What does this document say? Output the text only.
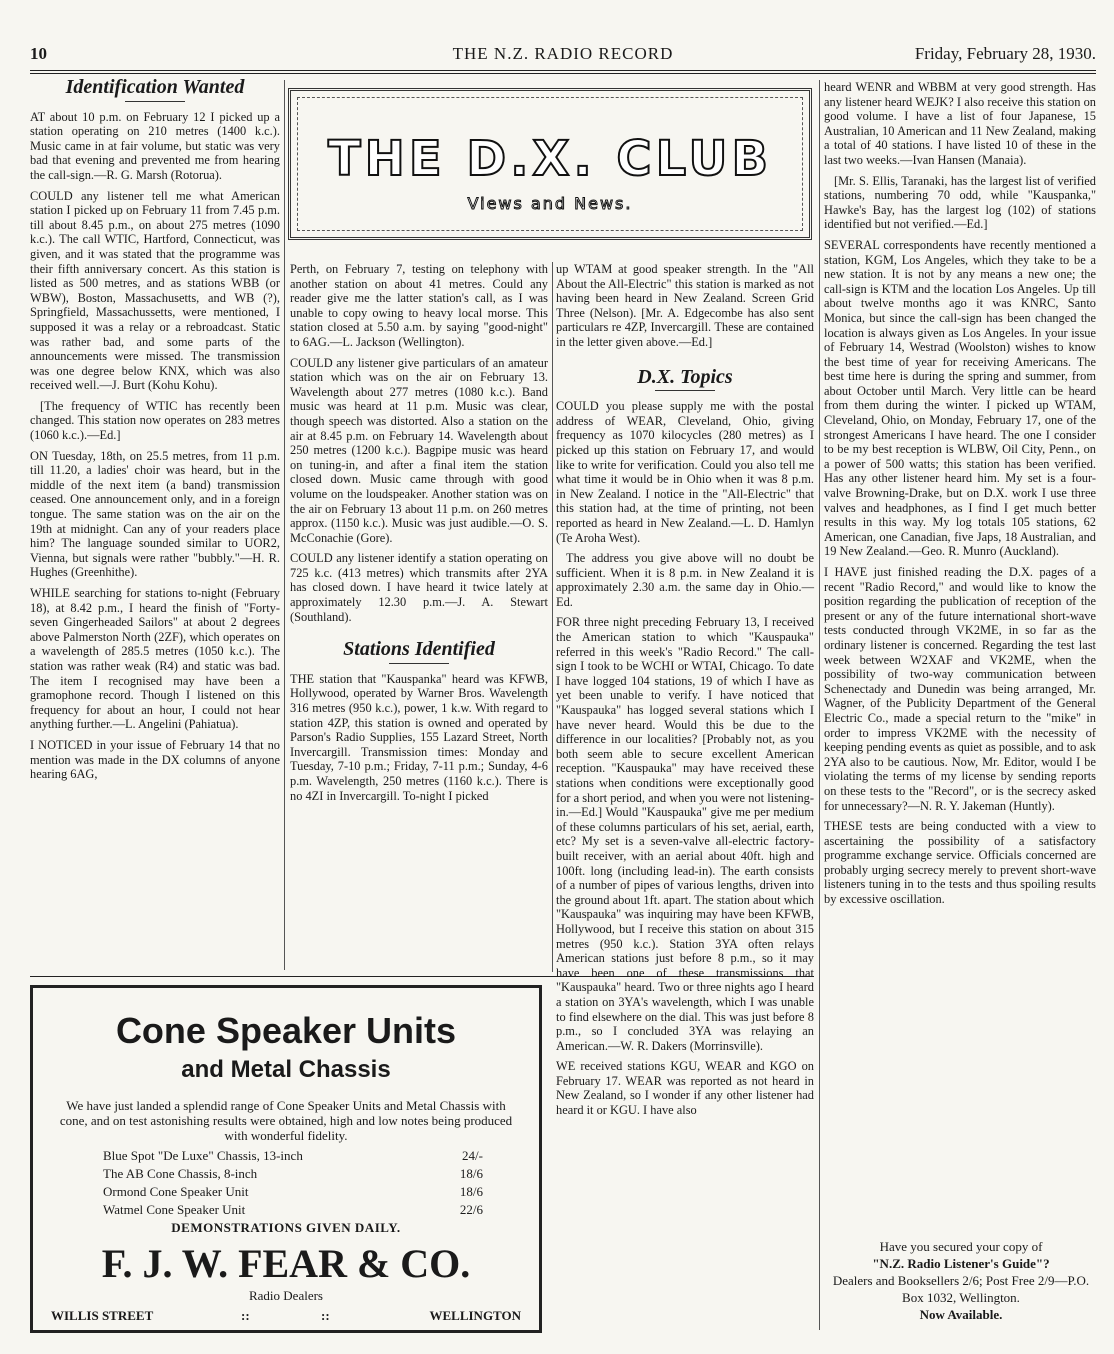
10	THE N.Z. RADIO RECORD	Friday, February 28, 1930.
Identification Wanted

AT about 10 p.m. on February 12 I picked up a station operating on 210 metres (1400 k.c.). Music came in at fair volume, but static was very bad that evening and prevented me from hearing the call-sign.—R. G. Marsh (Rotorua).

COULD any listener tell me what American station I picked up on February 11 from 7.45 p.m. till about 8.45 p.m., on about 275 metres (1090 k.c.). The call WTIC, Hartford, Connecticut, was given, and it was stated that the programme was their fifth anniversary concert. As this station is listed as 500 metres, and as stations WBB (or WBW), Boston, Massachusetts, and WB (?), Springfield, Massachussetts, were mentioned, I supposed it was a relay or a rebroadcast. Static was rather bad, and some parts of the announcements were missed. The transmission was one degree below KNX, which was also received well.—J. Burt (Kohu Kohu).

[The frequency of WTIC has recently been changed. This station now operates on 283 metres (1060 k.c.).—Ed.]

ON Tuesday, 18th, on 25.5 metres, from 11 p.m. till 11.20, a ladies' choir was heard, but in the middle of the next item (a band) transmission ceased. One announcement only, and in a foreign tongue. The same station was on the air on the 19th at midnight. Can any of your readers place him? The language sounded similar to UOR2, Vienna, but signals were rather "bubbly."—H. R. Hughes (Greenhithe).

WHILE searching for stations to-night (February 18), at 8.42 p.m., I heard the finish of "Forty-seven Gingerheaded Sailors" at about 2 degrees above Palmerston North (2ZF), which operates on a wavelength of 285.5 metres (1050 k.c.). The station was rather weak (R4) and static was bad. The item I recognised may have been a gramophone record. Though I listened on this frequency for about an hour, I could not hear anything further.—L. Angelini (Pahiatua).

I NOTICED in your issue of February 14 that no mention was made in the DX columns of anyone hearing 6AG,

THE D.X. CLUB
Views and News.

Perth, on February 7, testing on telephony with another station on about 41 metres. Could any reader give me the latter station's call, as I was unable to copy owing to heavy local morse. This station closed at 5.50 a.m. by saying "good-night" to 6AG.—L. Jackson (Wellington).

COULD any listener give particulars of an amateur station which was on the air on February 13. Wavelength about 277 metres (1080 k.c.). Band music was heard at 11 p.m. Music was clear, though speech was distorted. Also a station on the air at 8.45 p.m. on February 14. Wavelength about 250 metres (1200 k.c.). Bagpipe music was heard on tuning-in, and after a final item the station closed down. Music came through with good volume on the loudspeaker. Another station was on the air on February 13 about 11 p.m. on 260 metres approx. (1150 k.c.). Music was just audible.—O. S. McConachie (Gore).

COULD any listener identify a station operating on 725 k.c. (413 metres) which transmits after 2YA has closed down. I have heard it twice lately at approximately 12.30 p.m.—J. A. Stewart (Southland).

Stations Identified

THE station that "Kauspanka" heard was KFWB, Hollywood, operated by Warner Bros. Wavelength 316 metres (950 k.c.), power, 1 k.w. With regard to station 4ZP, this station is owned and operated by Parson's Radio Supplies, 155 Lazard Street, North Invercargill. Transmission times: Monday and Tuesday, 7-10 p.m.; Friday, 7-11 p.m.; Sunday, 4-6 p.m. Wavelength, 250 metres (1160 k.c.). There is no 4ZI in Invercargill. To-night I picked

up WTAM at good speaker strength. In the "All About the All-Electric" this station is marked as not having been heard in New Zealand. Screen Grid Three (Nelson). [Mr. A. Edgecombe has also sent particulars re 4ZP, Invercargill. These are contained in the letter given above.—Ed.]

D.X. Topics

COULD you please supply me with the postal address of WEAR, Cleveland, Ohio, giving frequency as 1070 kilocycles (280 metres) as I picked up this station on February 17, and would like to write for verification. Could you also tell me what time it would be in Ohio when it was 8 p.m. in New Zealand. I notice in the "All-Electric" that this station had, at the time of printing, not been reported as heard in New Zealand.—L. D. Hamlyn (Te Aroha West).

The address you give above will no doubt be sufficient. When it is 8 p.m. in New Zealand it is approximately 2.30 a.m. the same day in Ohio.—Ed.

FOR three night preceding February 13, I received the American station to which "Kauspauka" referred in this week's "Radio Record." The call-sign I took to be WCHI or WTAI, Chicago. To date I have logged 104 stations, 19 of which I have as yet been unable to verify. I have noticed that "Kauspauka" has logged several stations which I have never heard. Would this be due to the difference in our localities? [Probably not, as you both seem able to secure excellent American reception. "Kauspauka" may have received these stations when conditions were exceptionally good for a short period, and when you were not listening-in.—Ed.] Would "Kauspauka" give me per medium of these columns particulars of his set, aerial, earth, etc? My set is a seven-valve all-electric factory-built receiver, with an aerial about 40ft. high and 100ft. long (including lead-in). The earth consists of a number of pipes of various lengths, driven into the ground about 1ft. apart. The station about which "Kauspauka" was inquiring may have been KFWB, Hollywood, but I receive this station on about 315 metres (950 k.c.). Station 3YA often relays American stations just before 8 p.m., so it may have been one of these transmissions that "Kauspauka" heard. Two or three nights ago I heard a station on 3YA's wavelength, which I was unable to find elsewhere on the dial. This was just before 8 p.m., so I concluded 3YA was relaying an American.—W. R. Dakers (Morrinsville).

WE received stations KGU, WEAR and KGO on February 17. WEAR was reported as not heard in New Zealand, so I wonder if any other listener had heard it or KGU. I have also

heard WENR and WBBM at very good strength. Has any listener heard WEJK? I also receive this station on good volume. I have a list of four Japanese, 15 Australian, 10 American and 11 New Zealand, making a total of 40 stations. I have listed 10 of these in the last two weeks.—Ivan Hansen (Manaia).

[Mr. S. Ellis, Taranaki, has the largest list of verified stations, numbering 70 odd, while "Kauspanka," Hawke's Bay, has the largest log (102) of stations identified but not verified.—Ed.]

SEVERAL correspondents have recently mentioned a station, KGM, Los Angeles, which they take to be a new station. It is not by any means a new one; the call-sign is KTM and the location Los Angeles. Up till about twelve months ago it was KNRC, Santo Monica, but since the call-sign has been changed the location is always given as Los Angeles. In your issue of February 14, Westrad (Woolston) wishes to know the best time of year for receiving Americans. The best time here is during the spring and summer, from about October until March. Very little can be heard from them during the winter. I picked up WTAM, Cleveland, Ohio, on Monday, February 17, one of the strongest Americans I have heard. The one I consider to be my best reception is WLBW, Oil City, Penn., on a power of 500 watts; this station has been verified. Has any other listener heard him. My set is a four-valve Browning-Drake, but on D.X. work I use three valves and headphones, as I find I get much better results in this way. My log totals 105 stations, 62 American, one Canadian, five Japs, 18 Australian, and 19 New Zealand.—Geo. R. Munro (Auckland).

I HAVE just finished reading the D.X. pages of a recent "Radio Record," and would like to know the position regarding the publication of reception of the present or any of the future international short-wave tests conducted through VK2ME, in so far as the ordinary listener is concerned. Regarding the test last week between W2XAF and VK2ME, when the possibility of two-way communication between Schenectady and Dunedin was being arranged, Mr. Wagner, of the Publicity Department of the General Electric Co., made a special return to the "mike" in order to impress VK2ME with the necessity of keeping pending events as quiet as possible, and to ask 2YA also to be cautious. Now, Mr. Editor, would I be violating the terms of my license by sending reports on these tests to the "Record", or is the secrecy asked for unnecessary?—N. R. Y. Jakeman (Huntly).

THESE tests are being conducted with a view to ascertaining the possibility of a satisfactory programme exchange service. Officials concerned are probably urging secrecy merely to prevent short-wave listeners tuning in to the tests and thus spoiling results by excessive oscillation.

Cone Speaker Units
and Metal Chassis
We have just landed a splendid range of Cone Speaker Units and Metal Chassis with cone, and on test astonishing results were obtained, high and low notes being produced with wonderful fidelity.
Blue Spot "De Luxe" Chassis, 13-inch	24/-
The AB Cone Chassis, 8-inch	18/6
Ormond Cone Speaker Unit	18/6
Watmel Cone Speaker Unit	22/6
DEMONSTRATIONS GIVEN DAILY.
F. J. W. FEAR & CO.
Radio Dealers
WILLIS STREET	::	::	WELLINGTON
Have you secured your copy of
"N.Z. Radio Listener's Guide"?
Dealers and Booksellers 2/6; Post Free 2/9—P.O. Box 1032, Wellington.
Now Available.
